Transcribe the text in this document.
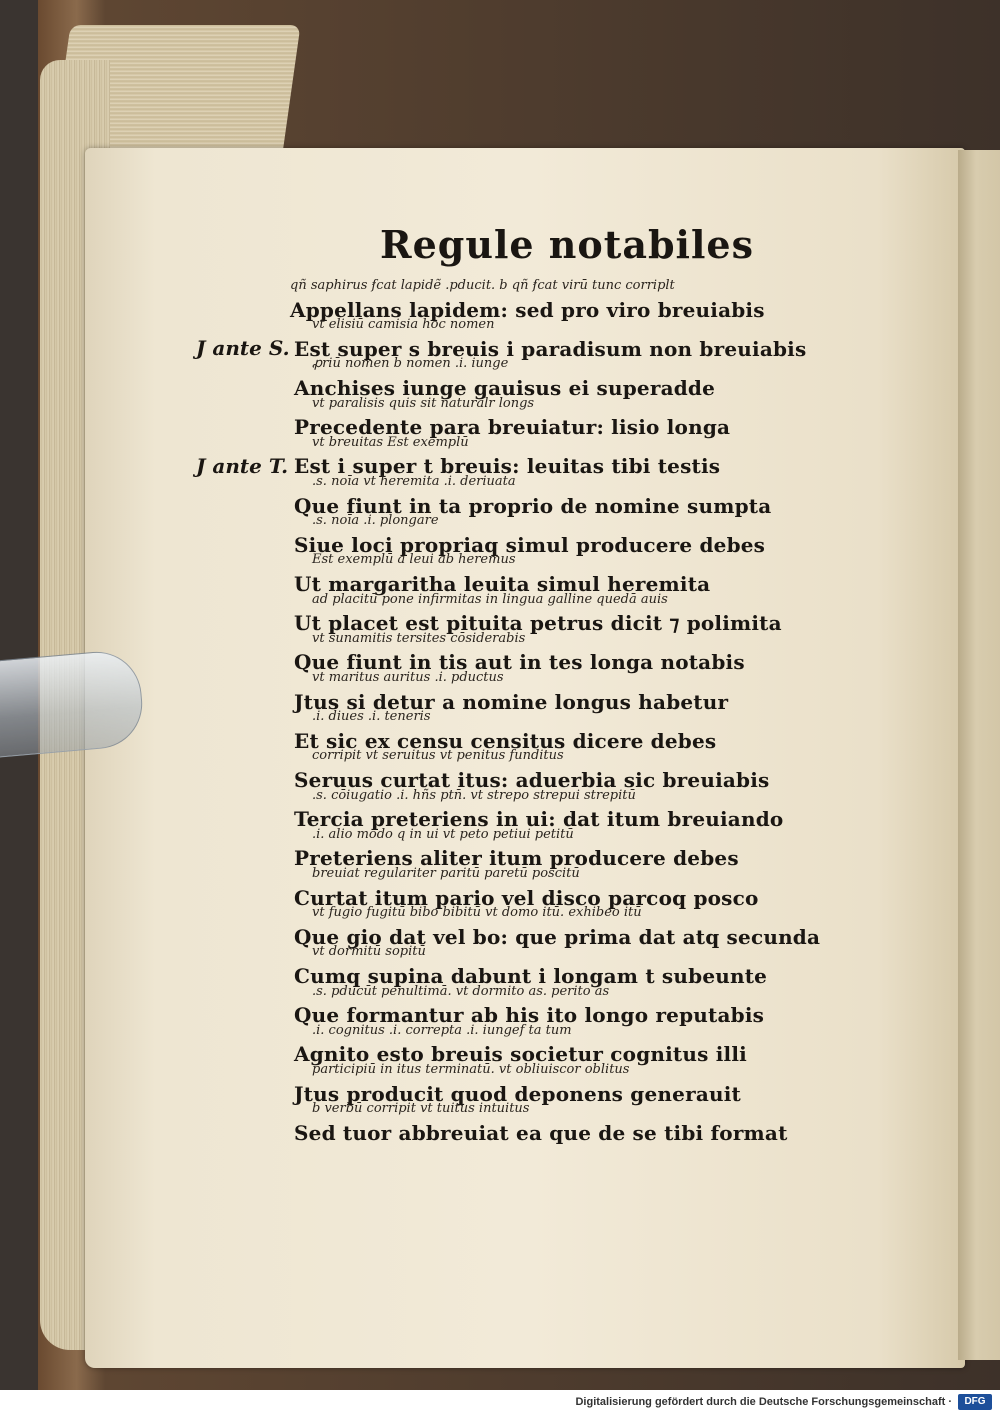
Regule notabiles
J ante S.
J ante T.
qñ saphirus ẜcat lapidẽ .pducit. b qñ ẜcat virū tunc corriplt
Appellans lapidem: sed pro viro breuiabis
vt elisiū camisia hoc nomen
Est super s breuis i paradisum non breuiabis
ꝓriū nomen b nomen .i. iunge
Anchises iunge gauisus ei superadde
vt paralisis quis sit naturalr longs
Precedente para breuiatur: lisio longa
vt breuitas Est exemplū
Est i super t breuis: leuitas tibi testis
.s. noīa vt heremita .i. deriuata
Que fiunt in ta proprio de nomine sumpta
.s. noīa .i. plongare
Siue loci propriaq simul producere debes
Est exemplū a leui ab heremus
Ut margaritha leuita simul heremita
ad placitū pone infirmitas in lingua galline quedā auis
Ut placet est pituita petrus dicit ⁊ polimita
vt sunamitis tersites cōsiderabis
Que fiunt in tis aut in tes longa notabis
vt maritus auritus .i. pductus
Jtus si detur a nomine longus habetur
.i. diues .i. teneris
Et sic ex censu censitus dicere debes
corripit vt seruitus vt penitus funditus
Seruus curtat itus: aduerbia sic breuiabis
.s. cōiugatio .i. hñs ptn̄. vt strepo strepui strepitū
Tercia preteriens in ui: dat itum breuiando
.i. alio modo q in ui vt peto petiui petitū
Preteriens aliter itum producere debes
breuiat regulariter paritū paretū poscitū
Curtat itum pario vel disco parcoq posco
vt fugio fugitū bibo bibitū vt domo itū. exhibeo itū
Que gio dat vel bo: que prima dat atq secunda
vt dormitū sopitū
Cumq supina dabunt i longam t subeunte
.s. pducūt penultimā. vt dormito as. perito as
Que formantur ab his ito longo reputabis
.i. cognitus .i. correpta .i. iungef ta tum
Agnito esto breuis societur cognitus illi
participiū in itus terminatū. vt obliuiscor oblitus
Jtus producit quod deponens generauit
b verbū corripit vt tuitus intuitus
Sed tuor abbreuiat ea que de se tibi format
Digitalisierung gefördert durch die Deutsche Forschungsgemeinschaft ·	DFG
